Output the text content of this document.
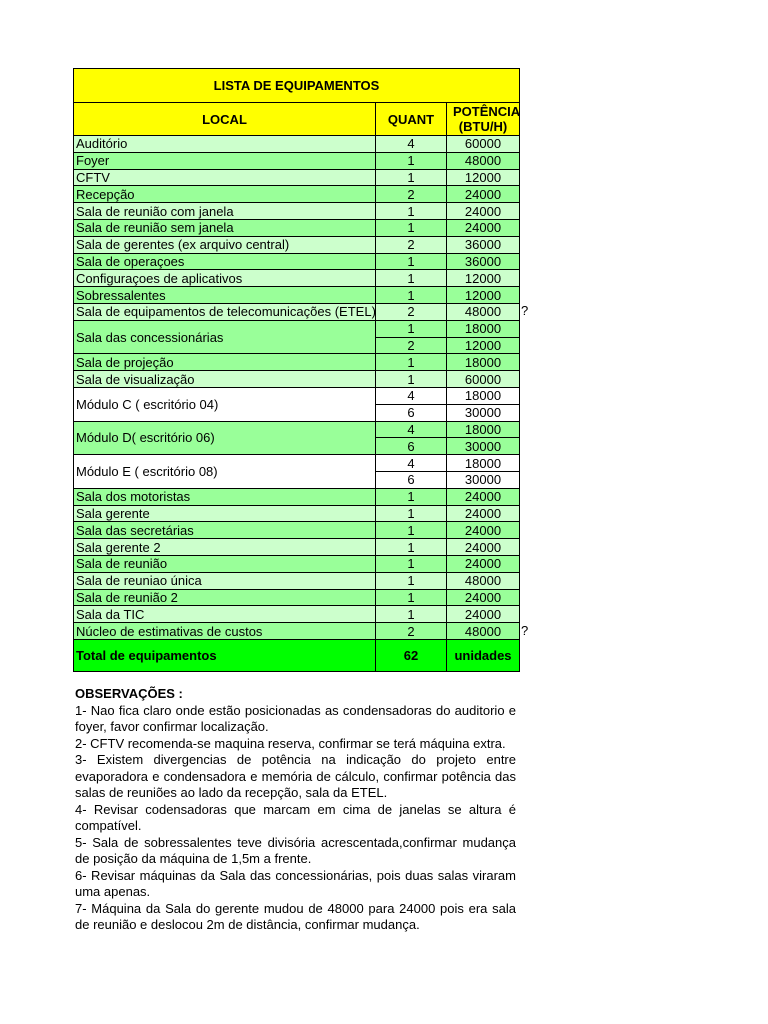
LISTA DE EQUIPAMENTOS		
LOCAL	QUANT	POTÊNCIA (BTU/H)
Auditório	4	60000
Foyer	1	48000
CFTV	1	12000
Recepção	2	24000
Sala de reunião com janela	1	24000
Sala de reunião sem janela	1	24000
Sala de gerentes (ex arquivo central)	2	36000
Sala de operaçoes	1	36000
Configuraçoes de aplicativos	1	12000
Sobressalentes	1	12000
Sala de equipamentos de telecomunicações (ETEL)	2	48000
Sala das concessionárias	1	18000
	2	12000
Sala de projeção	1	18000
Sala de visualização	1	60000
Módulo C ( escritório 04)	4	18000
	6	30000
Módulo D( escritório 06)	4	18000
	6	30000
Módulo E ( escritório 08)	4	18000
	6	30000
Sala dos motoristas	1	24000
Sala gerente	1	24000
Sala das secretárias	1	24000
Sala gerente 2	1	24000
Sala de reunião	1	24000
Sala de reuniao única	1	48000
Sala de reunião 2	1	24000
Sala da TIC	1	24000
Núcleo de estimativas de custos	2	48000
Total de equipamentos	62	unidades
?
?
OBSERVAÇÕES :

1- Nao fica claro onde estão posicionadas as condensadoras do auditorio e foyer, favor confirmar localização.

2- CFTV recomenda-se maquina reserva, confirmar se terá máquina extra.

3- Existem divergencias de potência na indicação do projeto entre evaporadora e condensadora e memória de cálculo, confirmar potência das salas de reuniões ao lado da recepção, sala da ETEL.

4- Revisar codensadoras que marcam em cima de janelas se altura é compatível.

5- Sala de sobressalentes teve divisória acrescentada,confirmar mudança de posição da máquina de 1,5m a frente.

6- Revisar máquinas da Sala das concessionárias, pois duas salas viraram uma apenas.

7- Máquina da Sala do gerente mudou de 48000 para 24000 pois era sala de reunião e deslocou 2m de distância, confirmar mudança.
